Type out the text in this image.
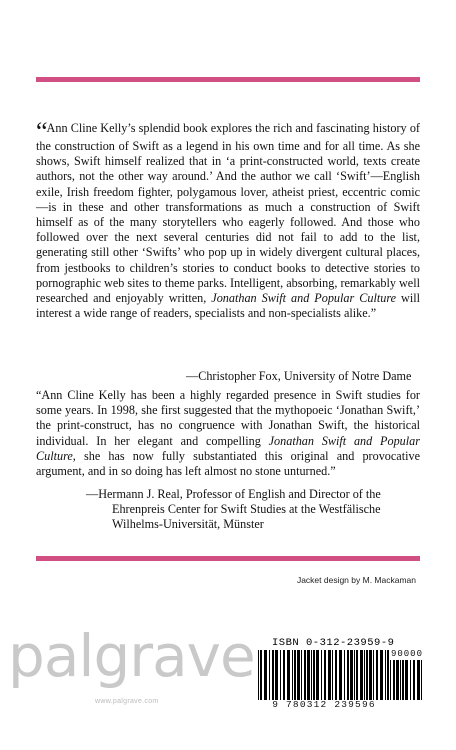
“Ann Cline Kelly’s splendid book explores the rich and fascinating history of the construction of Swift as a legend in his own time and for all time. As she shows, Swift himself realized that in ‘a print-constructed world, texts create authors, not the other way around.’ And the author we call ‘Swift’—English exile, Irish freedom fighter, polygamous lover, atheist priest, eccentric comic—is in these and other transformations as much a construction of Swift himself as of the many storytellers who eagerly followed. And those who followed over the next several centuries did not fail to add to the list, generating still other ‘Swifts’ who pop up in widely divergent cultural places, from jestbooks to children’s stories to conduct books to detective stories to pornographic web sites to theme parks. Intelligent, absorbing, remarkably well researched and enjoyably written, Jonathan Swift and Popular Culture will interest a wide range of readers, specialists and non-specialists alike.”
—Christopher Fox, University of Notre Dame
“Ann Cline Kelly has been a highly regarded presence in Swift studies for some years. In 1998, she first suggested that the mythopoeic ‘Jonathan Swift,’ the print-construct, has no congruence with Jonathan Swift, the historical individual. In her elegant and compelling Jonathan Swift and Popular Culture, she has now fully substantiated this original and provocative argument, and in so doing has left almost no stone unturned.”
—Hermann J. Real, Professor of English and Director of the
Ehrenpreis Center for Swift Studies at the Westfälische
Wilhelms-Universität, Münster
Jacket design by M. Mackaman
palgrave
www.palgrave.com
ISBN 0-312-23959-9
90000
9 780312 239596
